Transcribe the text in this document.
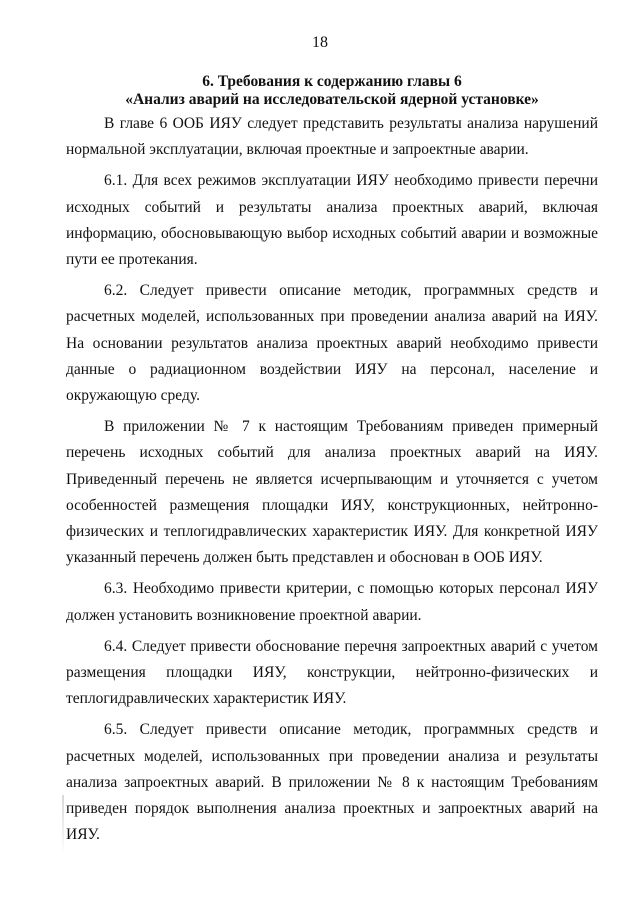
18
6. Требования к содержанию главы 6
«Анализ аварий на исследовательской ядерной установке»

В главе 6 ООБ ИЯУ следует представить результаты анализа нарушений нормальной эксплуатации, включая проектные и запроектные аварии.

6.1. Для всех режимов эксплуатации ИЯУ необходимо привести перечни исходных событий и результаты анализа проектных аварий, включая информацию, обосновывающую выбор исходных событий аварии и возможные пути ее протекания.

6.2. Следует привести описание методик, программных средств и расчетных моделей, использованных при проведении анализа аварий на ИЯУ. На основании результатов анализа проектных аварий необходимо привести данные о радиационном воздействии ИЯУ на персонал, население и окружающую среду.

В приложении № 7 к настоящим Требованиям приведен примерный перечень исходных событий для анализа проектных аварий на ИЯУ. Приведенный перечень не является исчерпывающим и уточняется с учетом особенностей размещения площадки ИЯУ, конструкционных, нейтронно-физических и теплогидравлических характеристик ИЯУ. Для конкретной ИЯУ указанный перечень должен быть представлен и обоснован в ООБ ИЯУ.

6.3. Необходимо привести критерии, с помощью которых персонал ИЯУ должен установить возникновение проектной аварии.

6.4. Следует привести обоснование перечня запроектных аварий с учетом размещения площадки ИЯУ, конструкции, нейтронно-физических и теплогидравлических характеристик ИЯУ.

6.5. Следует привести описание методик, программных средств и расчетных моделей, использованных при проведении анализа и результаты анализа запроектных аварий. В приложении № 8 к настоящим Требованиям приведен порядок выполнения анализа проектных и запроектных аварий на ИЯУ.
